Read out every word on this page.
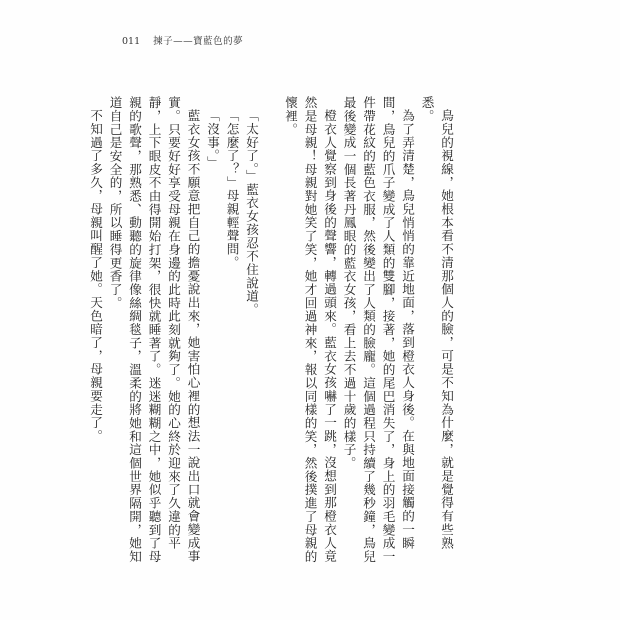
011 揀子——寶藍色的夢

鳥兒的視線，她根本看不清那個人的臉，可是不知為什麼，就是覺得有些熟悉。

為了弄清楚，鳥兒悄悄的靠近地面，落到橙衣人身後。在與地面接觸的一瞬間，鳥兒的爪子變成了人類的雙腳，接著，她的尾巴消失了，身上的羽毛變成一件帶花紋的藍色衣服，然後變出了人類的臉龐。這個過程只持續了幾秒鐘，鳥兒最後變成一個長著丹鳳眼的藍衣女孩，看上去不過十歲的樣子。

橙衣人覺察到身後的聲響，轉過頭來。藍衣女孩嚇了一跳，沒想到那橙衣人竟然是母親！母親對她笑了笑，她才回過神來，報以同樣的笑，然後撲進了母親的懷裡。

「太好了。」藍衣女孩忍不住說道。

「怎麼了？」母親輕聲問。

「沒事。」

藍衣女孩不願意把自己的擔憂說出來，她害怕心裡的想法一說出口就會變成事實。只要好好享受母親在身邊的此時此刻就夠了。她的心終於迎來了久違的平靜，上下眼皮不由得開始打架，很快就睡著了。迷迷糊糊之中，她似乎聽到了母親的歌聲，那熟悉、動聽的旋律像絲綢毯子，溫柔的將她和這個世界隔開，她知道自己是安全的，所以睡得更香了。

不知過了多久，母親叫醒了她。天色暗了，母親要走了。
